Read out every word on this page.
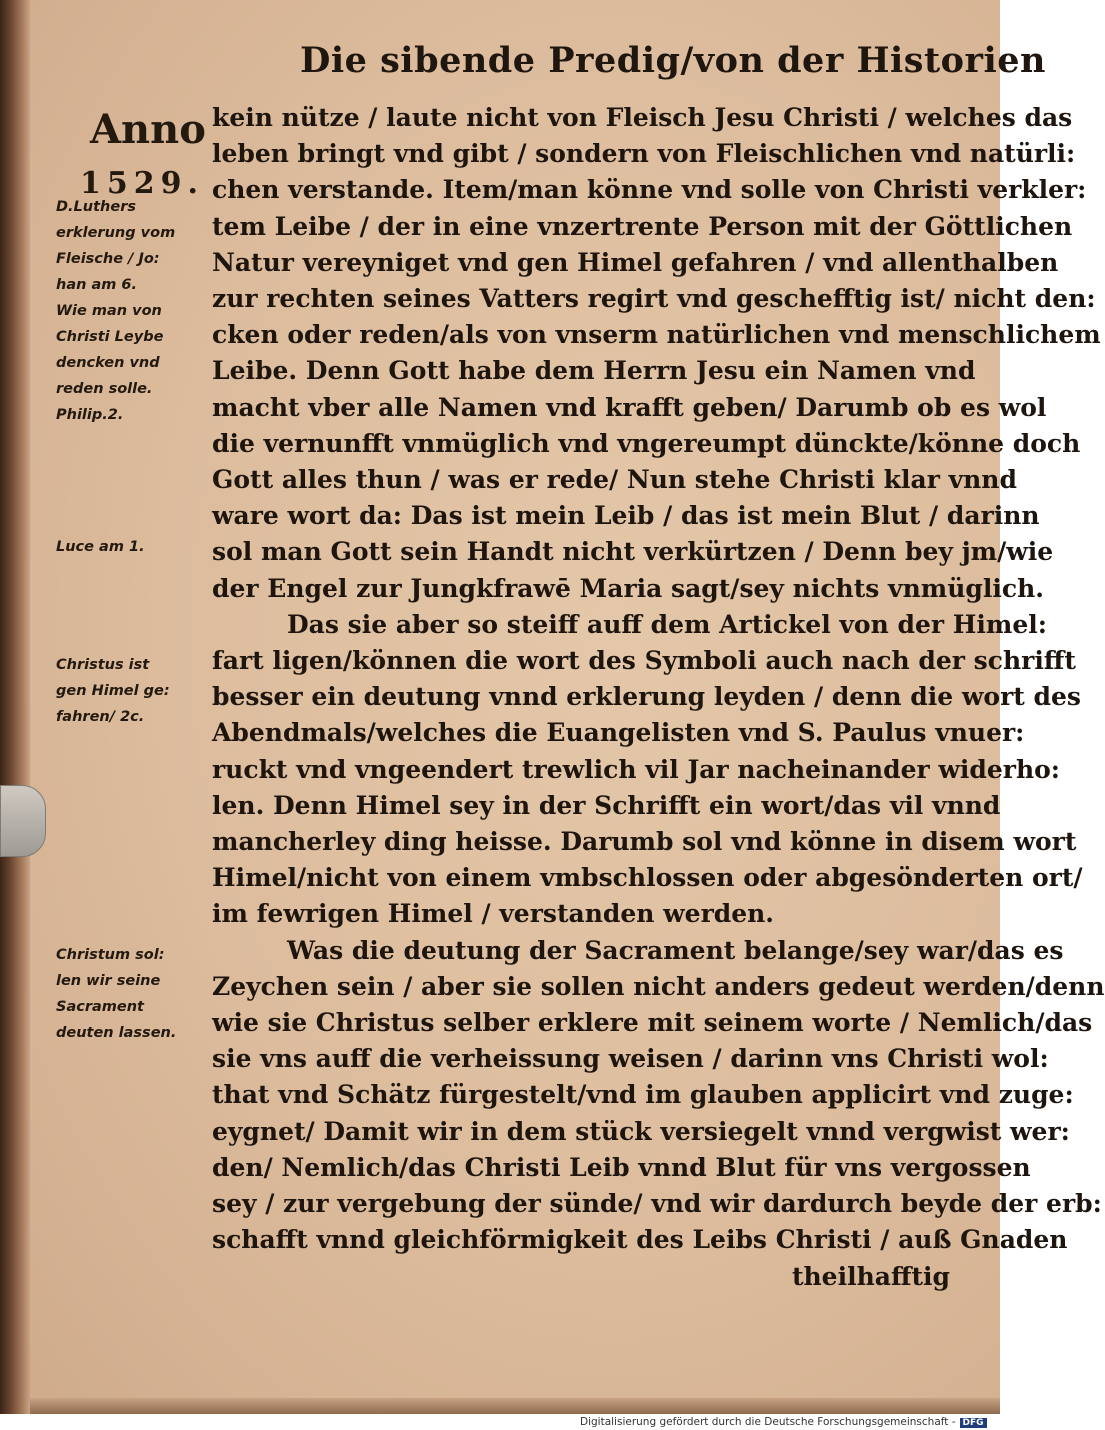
Die sibende Predig/von der Historien

Anno

1529.

D.Luthers
erklerung vom
Fleische / Jo:
han am 6.
Wie man von
Christi Leybe
dencken vnd
reden solle.
Philip.2.
Luce am 1.
Christus ist
gen Himel ge:
fahren/ 2c.
Christum sol:
len wir seine
Sacrament
deuten lassen.
kein nütze / laute nicht von Fleisch Jesu Christi / welches das
leben bringt vnd gibt / sondern von Fleischlichen vnd natürli:
chen verstande. Item/man könne vnd solle von Christi verkler:
tem Leibe / der in eine vnzertrente Person mit der Göttlichen
Natur vereyniget vnd gen Himel gefahren / vnd allenthalben
zur rechten seines Vatters regirt vnd geschefftig ist/ nicht den:
cken oder reden/als von vnserm natürlichen vnd menschlichem
Leibe. Denn Gott habe dem Herrn Jesu ein Namen vnd
macht vber alle Namen vnd krafft geben/ Darumb ob es wol
die vernunfft vnmüglich vnd vngereumpt dünckte/könne doch
Gott alles thun / was er rede/ Nun stehe Christi klar vnnd
ware wort da: Das ist mein Leib / das ist mein Blut / darinn
sol man Gott sein Handt nicht verkürtzen / Denn bey jm/wie
der Engel zur Jungkfrawē Maria sagt/sey nichts vnmüglich.
Das sie aber so steiff auff dem Artickel von der Himel:
fart ligen/können die wort des Symboli auch nach der schrifft
besser ein deutung vnnd erklerung leyden / denn die wort des
Abendmals/welches die Euangelisten vnd S. Paulus vnuer:
ruckt vnd vngeendert trewlich vil Jar nacheinander widerho:
len. Denn Himel sey in der Schrifft ein wort/das vil vnnd
mancherley ding heisse. Darumb sol vnd könne in disem wort
Himel/nicht von einem vmbschlossen oder abgesönderten ort/
im fewrigen Himel / verstanden werden.
Was die deutung der Sacrament belange/sey war/das es
Zeychen sein / aber sie sollen nicht anders gedeut werden/denn
wie sie Christus selber erklere mit seinem worte / Nemlich/das
sie vns auff die verheissung weisen / darinn vns Christi wol:
that vnd Schätz fürgestelt/vnd im glauben applicirt vnd zuge:
eygnet/ Damit wir in dem stück versiegelt vnnd vergwist wer:
den/ Nemlich/das Christi Leib vnnd Blut für vns vergossen
sey / zur vergebung der sünde/ vnd wir dardurch beyde der erb:
schafft vnnd gleichförmigkeit des Leibs Christi / auß Gnaden
theilhafftig
Digitalisierung gefördert durch die Deutsche Forschungsgemeinschaft - DFG
